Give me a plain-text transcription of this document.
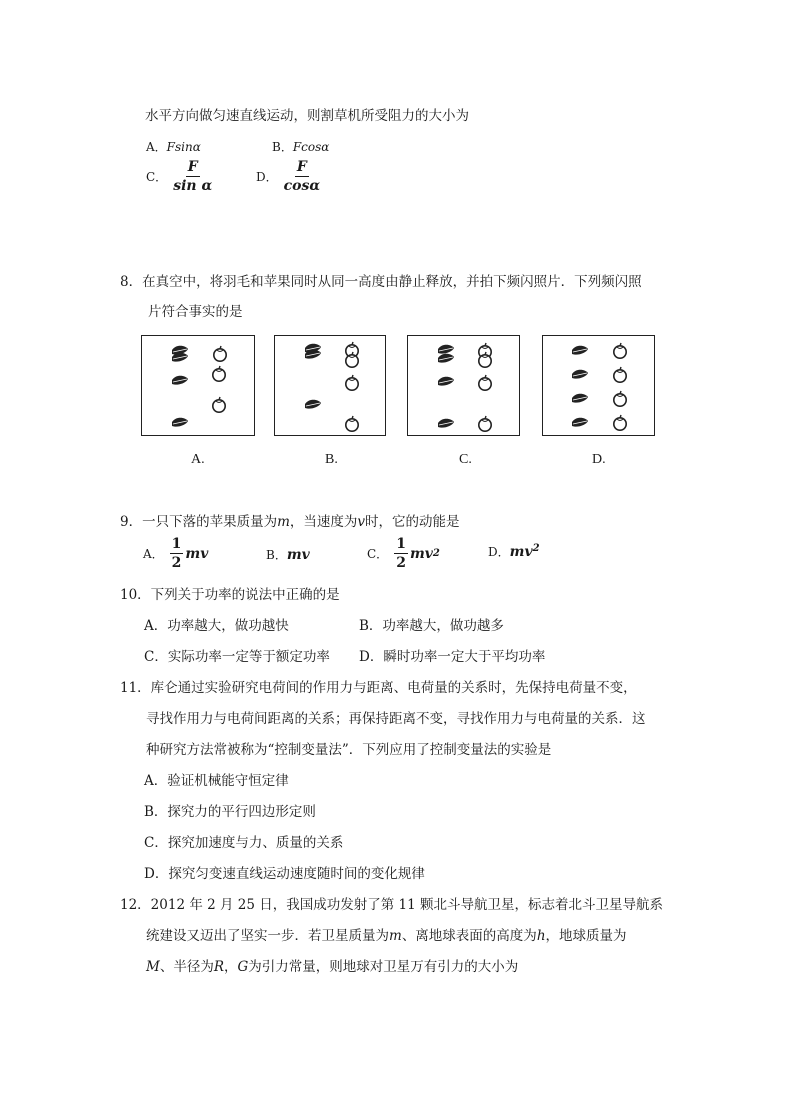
水平方向做匀速直线运动，则割草机所受阻力的大小为
A．Fsinα	B．Fcosα
C． $\frac{F}{\text{sin α}}$	D． $\frac{F}{\cos\alpha}$
8．在真空中，将羽毛和苹果同时从同一高度由静止释放，并拍下频闪照片．下列频闪照
片符合事实的是
A.	B.	C.	D.
9．一只下落的苹果质量为m，当速度为v时，它的动能是
A． $\frac{1}{2}$ mv	B．mv	C． $\frac{1}{2}$ mv 2	D．$mv^2$
10．下列关于功率的说法中正确的是
A．功率越大，做功越快	B．功率越大，做功越多
C．实际功率一定等于额定功率 D．瞬时功率一定大于平均功率
11．库仑通过实验研究电荷间的作用力与距离、电荷量的关系时，先保持电荷量不变，
寻找作用力与电荷间距离的关系；再保持距离不变，寻找作用力与电荷量的关系．这
种研究方法常被称为“控制变量法”．下列应用了控制变量法的实验是
A．验证机械能守恒定律
B．探究力的平行四边形定则
C．探究加速度与力、质量的关系
D．探究匀变速直线运动速度随时间的变化规律
12．2012 年 2 月 25 日，我国成功发射了第 11 颗北斗导航卫星，标志着北斗卫星导航系
统建设又迈出了坚实一步．若卫星质量为m、离地球表面的高度为h，地球质量为
M、半径为R，G为引力常量，则地球对卫星万有引力的大小为
